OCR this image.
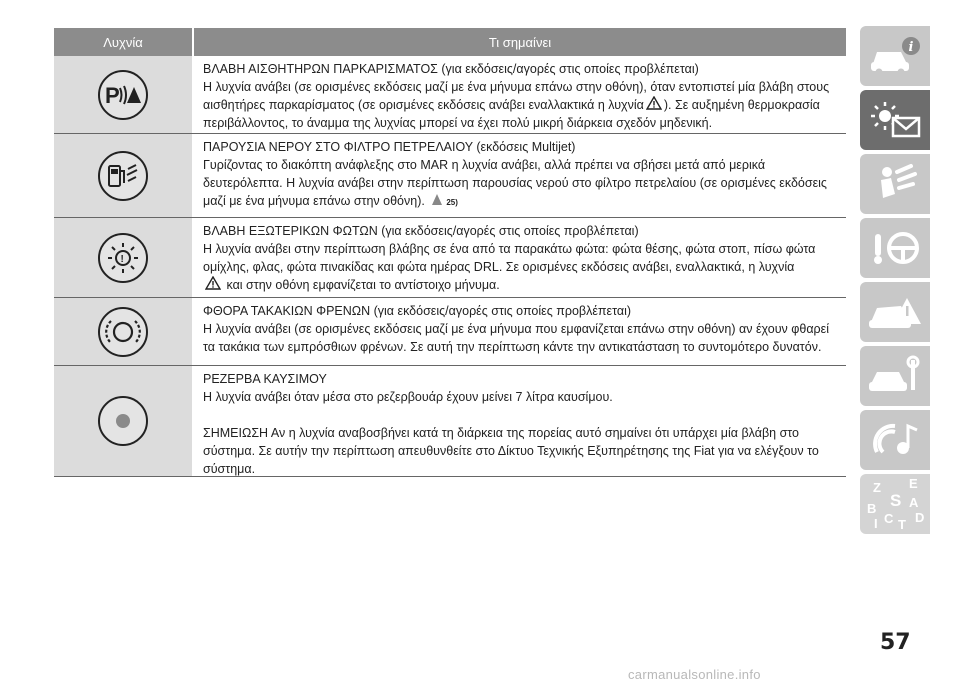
Λυχνία	Τι σημαίνει
P

ΒΛΑΒΗ ΑΙΣΘΗΤΗΡΩΝ ΠΑΡΚΑΡΙΣΜΑΤΟΣ (για εκδόσεις/αγορές στις οποίες προβλέπεται)

Η λυχνία ανάβει (σε ορισμένες εκδόσεις μαζί με ένα μήνυμα επάνω στην οθόνη), όταν εντοπιστεί μία βλάβη στους

αισθητήρες παρκαρίσματος (σε ορισμένες εκδόσεις ανάβει εναλλακτικά η λυχνία ). Σε αυξημένη θερμοκρασία

περιβάλλοντος, το άναμμα της λυχνίας μπορεί να έχει πολύ μικρή διάρκεια σχεδόν μηδενική.

ΠΑΡΟΥΣΙΑ ΝΕΡΟΥ ΣΤΟ ΦΙΛΤΡΟ ΠΕΤΡΕΛΑΙΟΥ (εκδόσεις Multijet)

Γυρίζοντας το διακόπτη ανάφλεξης στο MAR η λυχνία ανάβει, αλλά πρέπει να σβήσει μετά από μερικά

δευτερόλεπτα. Η λυχνία ανάβει στην περίπτωση παρουσίας νερού στο φίλτρο πετρελαίου (σε ορισμένες εκδόσεις

μαζί με ένα μήνυμα επάνω στην οθόνη).	25)

!

ΒΛΑΒΗ ΕΞΩΤΕΡΙΚΩΝ ΦΩΤΩΝ (για εκδόσεις/αγορές στις οποίες προβλέπεται)

Η λυχνία ανάβει στην περίπτωση βλάβης σε ένα από τα παρακάτω φώτα: φώτα θέσης, φώτα στοπ, πίσω φώτα

ομίχλης, φλας, φώτα πινακίδας και φώτα ημέρας DRL. Σε ορισμένες εκδόσεις ανάβει, εναλλακτικά, η λυχνία

και στην οθόνη εμφανίζεται το αντίστοιχο μήνυμα.

ΦΘΟΡΑ ΤΑΚΑΚΙΩΝ ΦΡΕΝΩΝ (για εκδόσεις/αγορές στις οποίες προβλέπεται)

Η λυχνία ανάβει (σε ορισμένες εκδόσεις μαζί με ένα μήνυμα που εμφανίζεται επάνω στην οθόνη) αν έχουν φθαρεί

τα τακάκια των εμπρόσθιων φρένων. Σε αυτή την περίπτωση κάντε την αντικατάσταση το συντομότερο δυνατόν.

ΡΕΖΕΡΒΑ ΚΑΥΣΙΜΟΥ

Η λυχνία ανάβει όταν μέσα στο ρεζερβουάρ έχουν μείνει 7 λίτρα καυσίμου.

ΣΗΜΕΙΩΣΗ Αν η λυχνία αναβοσβήνει κατά τη διάρκεια της πορείας αυτό σημαίνει ότι υπάρχει μία βλάβη στο

σύστημα. Σε αυτήν την περίπτωση απευθυνθείτε στο Δίκτυο Τεχνικής Εξυπηρέτησης της Fiat για να ελέγξουν το

σύστημα.

i
Z E
S A
B
C D
I T
57
carmanualsonline.info
